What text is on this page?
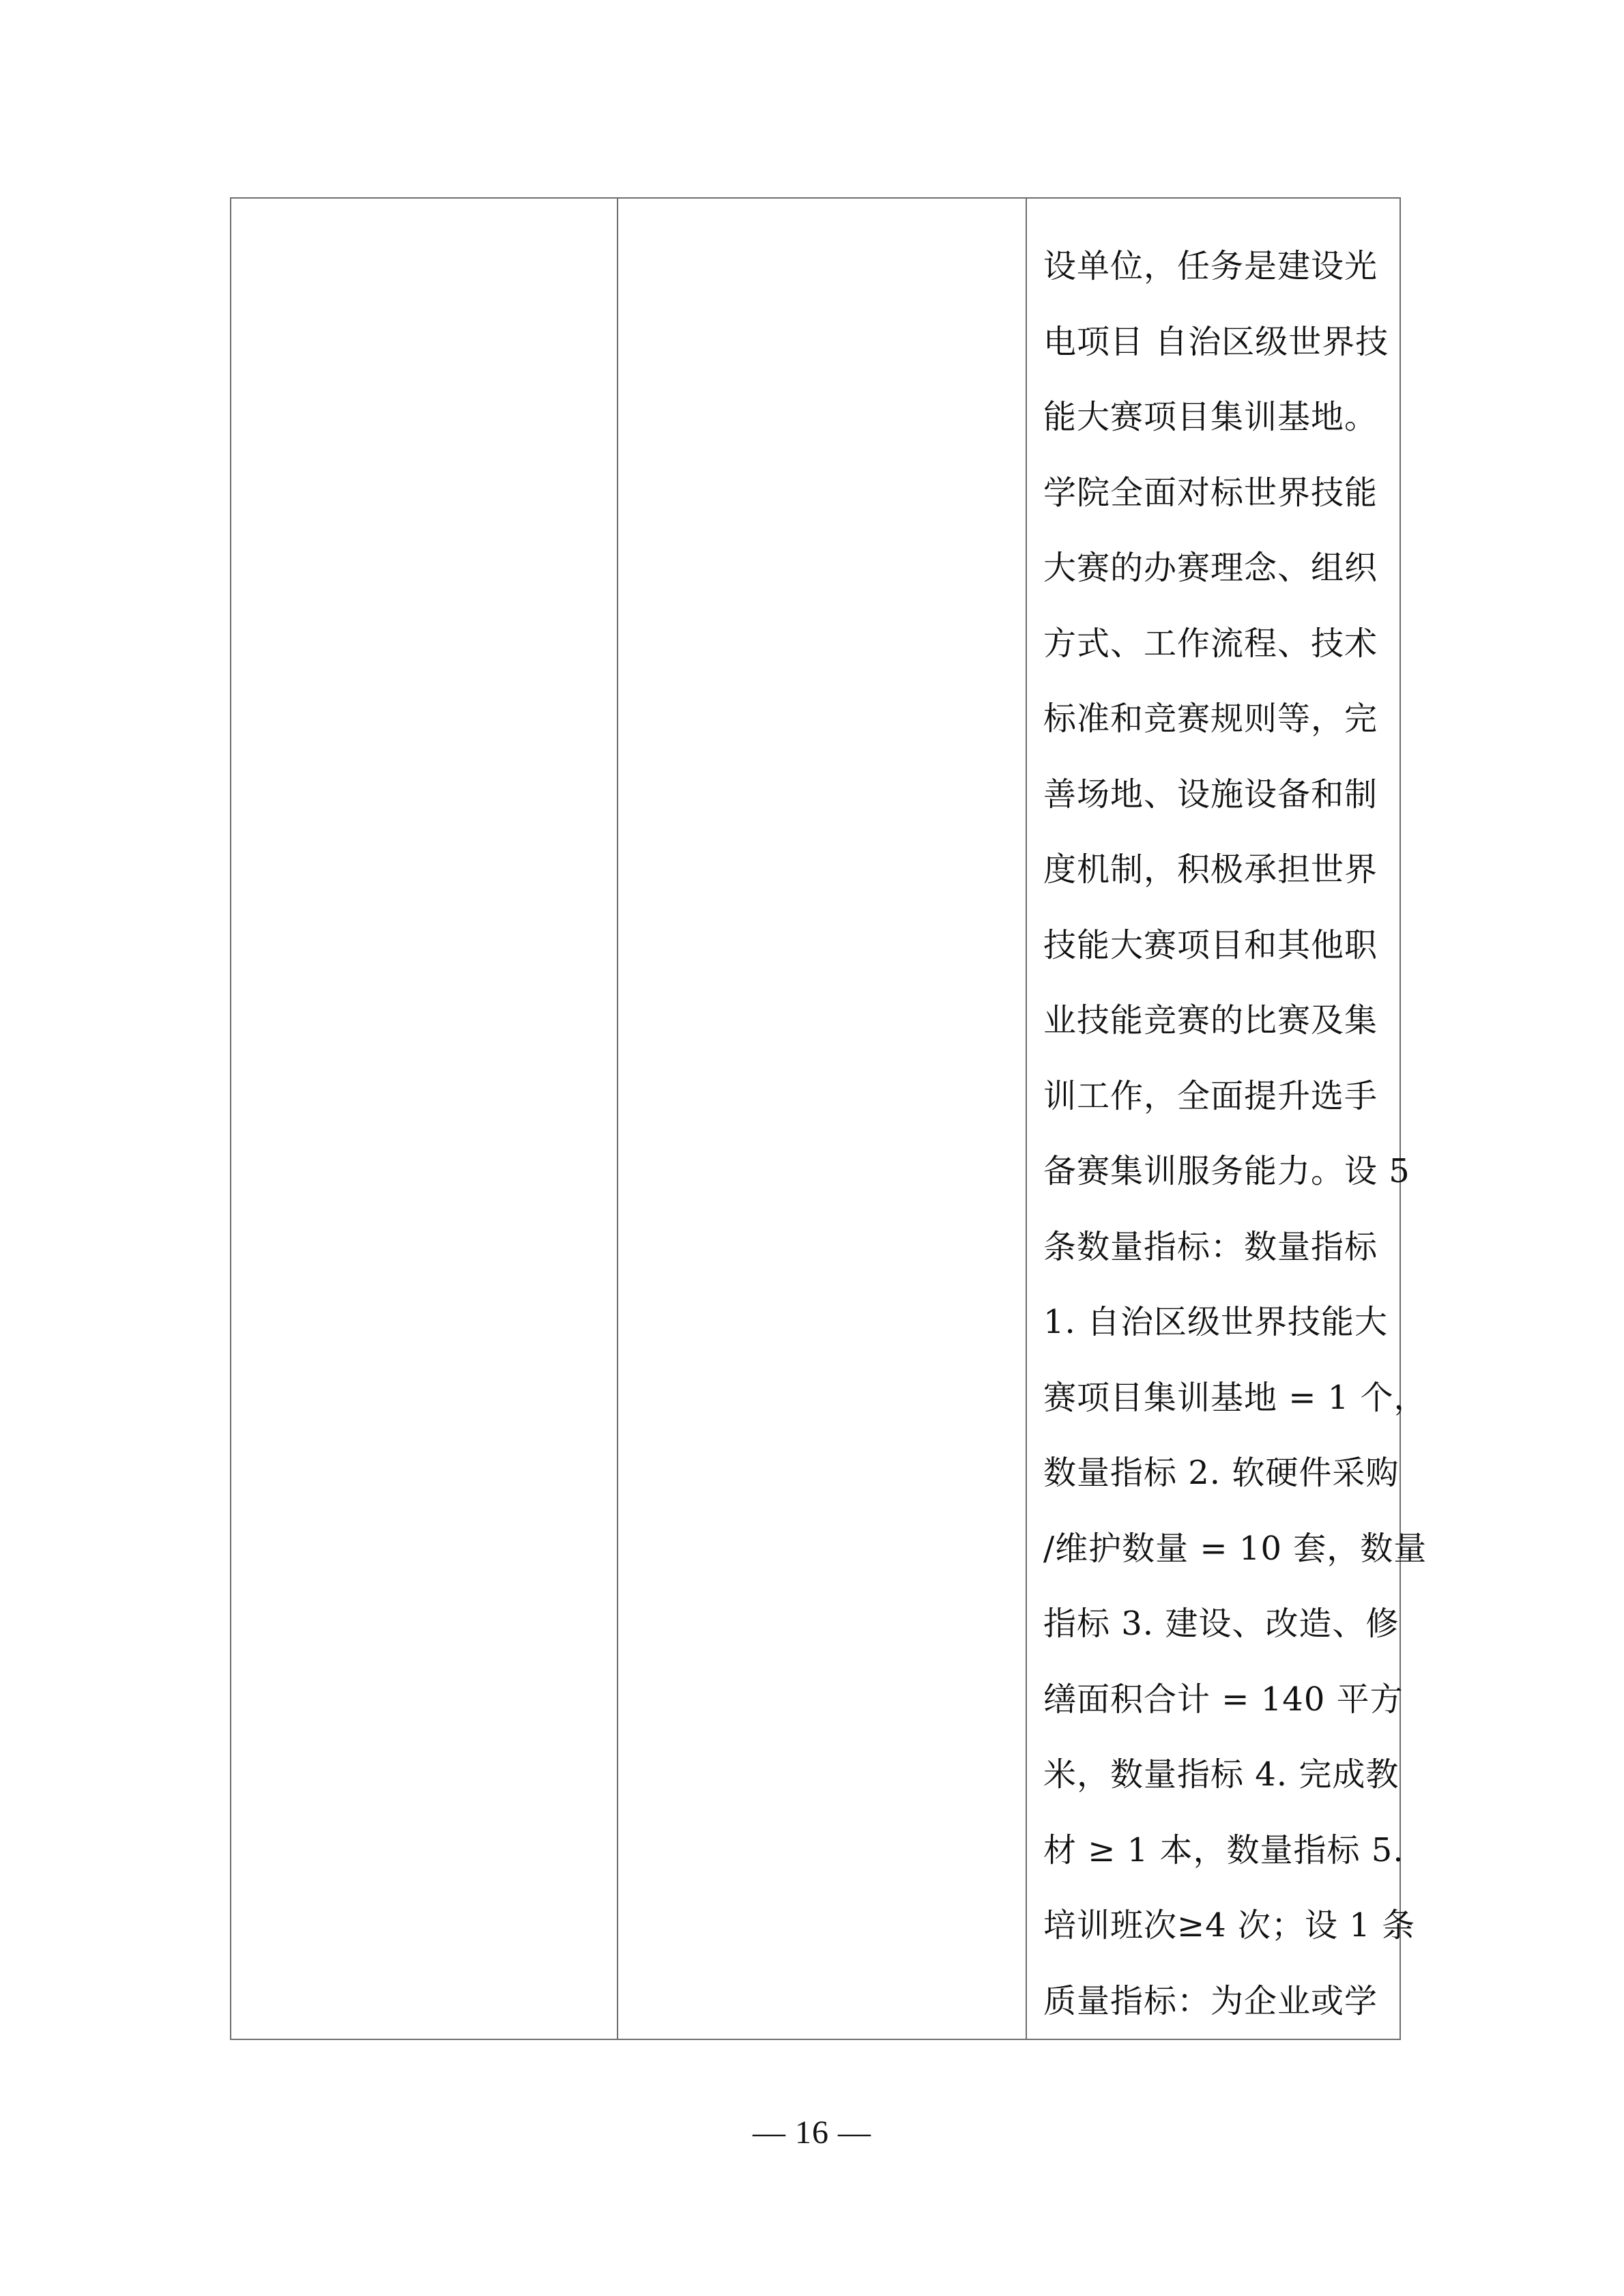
设单位，任务是建设光
电项目 自治区级世界技
能大赛项目集训基地。
学院全面对标世界技能
大赛的办赛理念、组织
方式、工作流程、技术
标准和竞赛规则等，完
善场地、设施设备和制
度机制，积极承担世界
技能大赛项目和其他职
业技能竞赛的比赛及集
训工作，全面提升选手
备赛集训服务能力。设 5
条数量指标：数量指标
1. 自治区级世界技能大
赛项目集训基地 = 1 个，
数量指标 2. 软硬件采购
/维护数量 = 10 套，数量
指标 3. 建设、改造、修
缮面积合计 = 140 平方
米，数量指标 4. 完成教
材 ≥ 1 本，数量指标 5.
培训班次≥4 次；设 1 条
质量指标：为企业或学
— 16 —
